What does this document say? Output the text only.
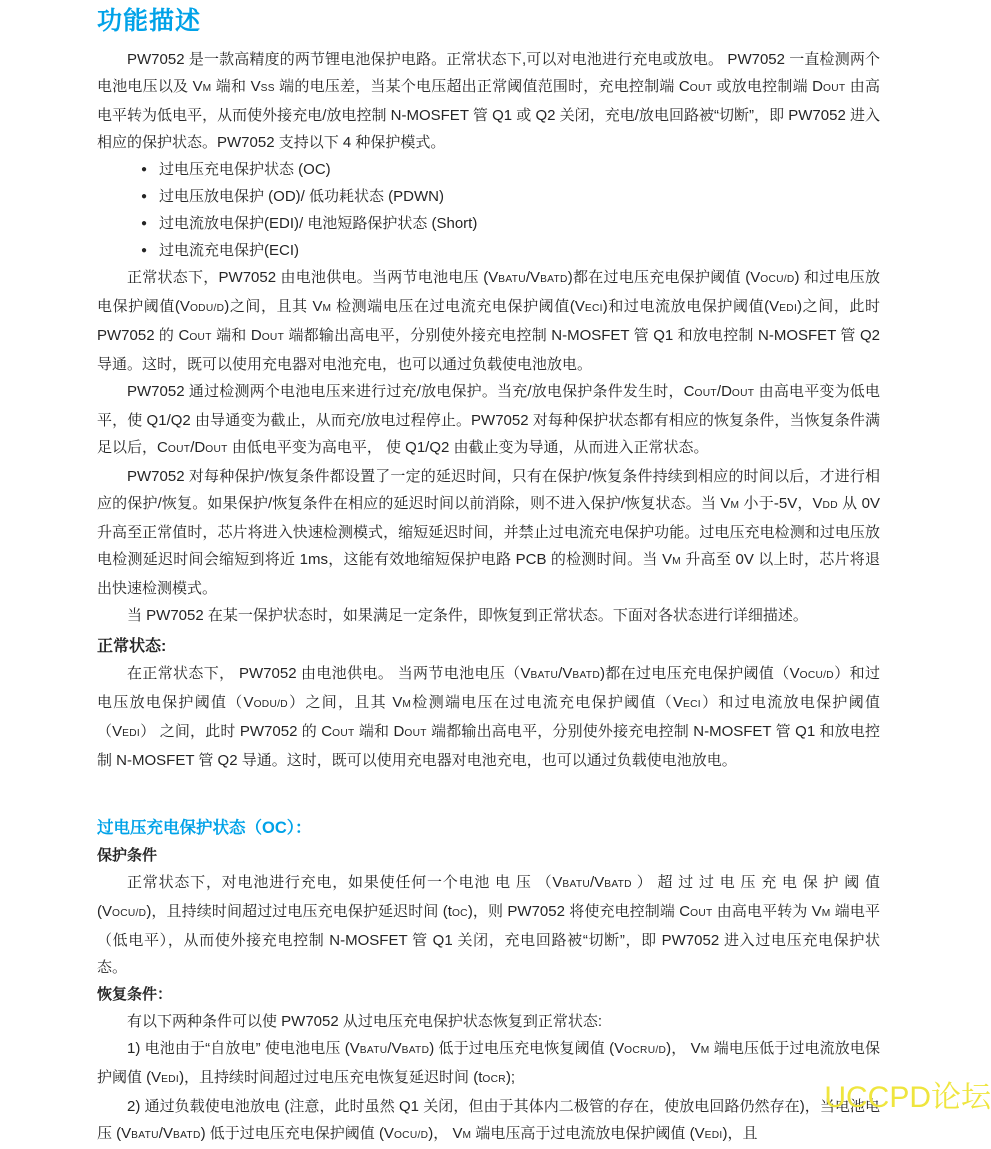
功能描述

PW7052 是一款高精度的两节锂电池保护电路。正常状态下,可以对电池进行充电或放电。 PW7052 一直检测两个电池电压以及 VM 端和 VSS 端的电压差，当某个电压超出正常阈值范围时，充电控制端 COUT 或放电控制端 DOUT 由高电平转为低电平，从而使外接充电/放电控制 N-MOSFET 管 Q1 或 Q2 关闭，充电/放电回路被“切断”，即 PW7052 进入相应的保护状态。PW7052 支持以下 4 种保护模式。

● 过电压充电保护状态 (OC)
● 过电压放电保护 (OD)/ 低功耗状态 (PDWN)
● 过电流放电保护(EDI)/ 电池短路保护状态 (Short)
● 过电流充电保护(ECI)

正常状态下，PW7052 由电池供电。当两节电池电压 (VBATU/VBATD)都在过电压充电保护阈值 (VOCU/D) 和过电压放电保护阈值(VODU/D)之间，且其 VM 检测端电压在过电流充电保护阈值(VECI)和过电流放电保护阈值(VEDI)之间，此时 PW7052 的 COUT 端和 DOUT 端都输出高电平，分别使外接充电控制 N-MOSFET 管 Q1 和放电控制 N-MOSFET 管 Q2 导通。这时，既可以使用充电器对电池充电，也可以通过负载使电池放电。

PW7052 通过检测两个电池电压来进行过充/放电保护。当充/放电保护条件发生时，COUT/DOUT 由高电平变为低电平，使 Q1/Q2 由导通变为截止，从而充/放电过程停止。PW7052 对每种保护状态都有相应的恢复条件，当恢复条件满足以后，COUT/DOUT 由低电平变为高电平， 使 Q1/Q2 由截止变为导通，从而进入正常状态。

PW7052 对每种保护/恢复条件都设置了一定的延迟时间，只有在保护/恢复条件持续到相应的时间以后，才进行相应的保护/恢复。如果保护/恢复条件在相应的延迟时间以前消除，则不进入保护/恢复状态。当 VM 小于-5V，VDD 从 0V 升高至正常值时，芯片将进入快速检测模式，缩短延迟时间，并禁止过电流充电保护功能。过电压充电检测和过电压放电检测延迟时间会缩短到将近 1ms，这能有效地缩短保护电路 PCB 的检测时间。当 VM 升高至 0V 以上时，芯片将退出快速检测模式。

当 PW7052 在某一保护状态时，如果满足一定条件，即恢复到正常状态。下面对各状态进行详细描述。

正常状态:

在正常状态下， PW7052 由电池供电。 当两节电池电压（VBATU/VBATD)都在过电压充电保护阈值（VOCU/D）和过电压放电保护阈值（VODU/D）之间，且其 VM检测端电压在过电流充电保护阈值（VECI）和过电流放电保护阈值（VEDI） 之间，此时 PW7052 的 COUT 端和 DOUT 端都输出高电平，分别使外接充电控制 N-MOSFET 管 Q1 和放电控制 N-MOSFET 管 Q2 导通。这时，既可以使用充电器对电池充电，也可以通过负载使电池放电。

过电压充电保护状态（OC）：
保护条件

正常状态下，对电池进行充电，如果使任何一个电池 电 压 （VBATU/VBATD ） 超 过 过 电 压 充 电 保 护 阈 值(VOCU/D)，且持续时间超过过电压充电保护延迟时间 (tOC)，则 PW7052 将使充电控制端 COUT 由高电平转为 VM 端电平（低电平），从而使外接充电控制 N-MOSFET 管 Q1 关闭，充电回路被“切断”，即 PW7052 进入过电压充电保护状态。

恢复条件：

有以下两种条件可以使 PW7052 从过电压充电保护状态恢复到正常状态:

1) 电池由于“自放电” 使电池电压 (VBATU/VBATD) 低于过电压充电恢复阈值 (VOCRU/D)， VM 端电压低于过电流放电保护阈值 (VEDI)，且持续时间超过过电压充电恢复延迟时间 (tOCR);

2) 通过负载使电池放电 (注意，此时虽然 Q1 关闭，但由于其体内二极管的存在，使放电回路仍然存在)，当电池电压 (VBATU/VBATD) 低于过电压充电保护阈值 (VOCU/D)， VM 端电压高于过电流放电保护阈值 (VEDI)，且

UCCPD论坛
